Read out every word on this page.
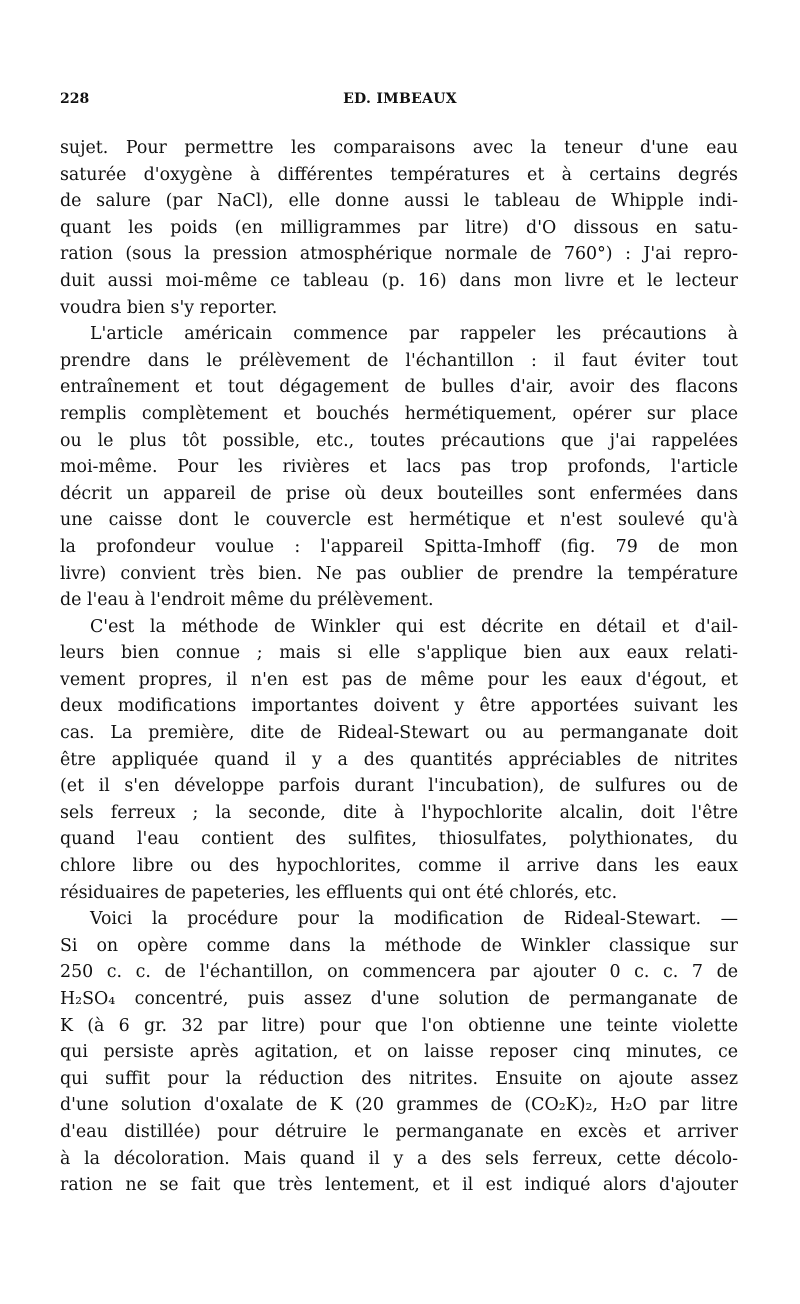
228	ED. IMBEAUX
sujet. Pour permettre les comparaisons avec la teneur d'une eau
saturée d'oxygène à différentes températures et à certains degrés
de salure (par NaCl), elle donne aussi le tableau de Whipple indi-
quant les poids (en milligrammes par litre) d'O dissous en satu-
ration (sous la pression atmosphérique normale de 760°) : J'ai repro-
duit aussi moi-même ce tableau (p. 16) dans mon livre et le lecteur
voudra bien s'y reporter.
L'article américain commence par rappeler les précautions à
prendre dans le prélèvement de l'échantillon : il faut éviter tout
entraînement et tout dégagement de bulles d'air, avoir des flacons
remplis complètement et bouchés hermétiquement, opérer sur place
ou le plus tôt possible, etc., toutes précautions que j'ai rappelées
moi-même. Pour les rivières et lacs pas trop profonds, l'article
décrit un appareil de prise où deux bouteilles sont enfermées dans
une caisse dont le couvercle est hermétique et n'est soulevé qu'à
la profondeur voulue : l'appareil Spitta-Imhoff (fig. 79 de mon
livre) convient très bien. Ne pas oublier de prendre la température
de l'eau à l'endroit même du prélèvement.
C'est la méthode de Winkler qui est décrite en détail et d'ail-
leurs bien connue ; mais si elle s'applique bien aux eaux relati-
vement propres, il n'en est pas de même pour les eaux d'égout, et
deux modifications importantes doivent y être apportées suivant les
cas. La première, dite de Rideal-Stewart ou au permanganate doit
être appliquée quand il y a des quantités appréciables de nitrites
(et il s'en développe parfois durant l'incubation), de sulfures ou de
sels ferreux ; la seconde, dite à l'hypochlorite alcalin, doit l'être
quand l'eau contient des sulfites, thiosulfates, polythionates, du
chlore libre ou des hypochlorites, comme il arrive dans les eaux
résiduaires de papeteries, les effluents qui ont été chlorés, etc.
Voici la procédure pour la modification de Rideal-Stewart. —
Si on opère comme dans la méthode de Winkler classique sur
250 c. c. de l'échantillon, on commencera par ajouter 0 c. c. 7 de
H₂SO₄ concentré, puis assez d'une solution de permanganate de
K (à 6 gr. 32 par litre) pour que l'on obtienne une teinte violette
qui persiste après agitation, et on laisse reposer cinq minutes, ce
qui suffit pour la réduction des nitrites. Ensuite on ajoute assez
d'une solution d'oxalate de K (20 grammes de (CO₂K)₂, H₂O par litre
d'eau distillée) pour détruire le permanganate en excès et arriver
à la décoloration. Mais quand il y a des sels ferreux, cette décolo-
ration ne se fait que très lentement, et il est indiqué alors d'ajouter
